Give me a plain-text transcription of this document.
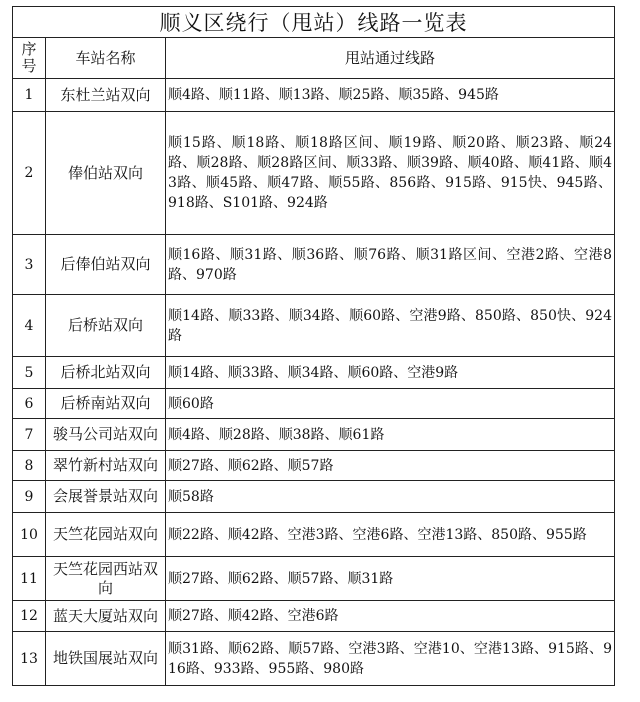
顺义区绕行（甩站）线路一览表		
序号	车站名称	甩站通过线路
1	东杜兰站双向	顺4路、顺11路、顺13路、顺25路、顺35路、945路
2	俸伯站双向	顺15路、顺18路、顺18路区间、顺19路、顺20路、顺23路、顺24路、顺28路、顺28路区间、顺33路、顺39路、顺40路、顺41路、顺43路、顺45路、顺47路、顺55路、856路、915路、915快、945路、918路、S101路、924路
3	后俸伯站双向	顺16路、顺31路、顺36路、顺76路、顺31路区间、空港2路、空港8路、970路
4	后桥站双向	顺14路、顺33路、顺34路、顺60路、空港9路、850路、850快、924路
5	后桥北站双向	顺14路、顺33路、顺34路、顺60路、空港9路
6	后桥南站双向	顺60路
7	骏马公司站双向	顺4路、顺28路、顺38路、顺61路
8	翠竹新村站双向	顺27路、顺62路、顺57路
9	会展誉景站双向	顺58路
10	天竺花园站双向	顺22路、顺42路、空港3路、空港6路、空港13路、850路、955路
11	天竺花园西站双向	顺27路、顺62路、顺57路、顺31路
12	蓝天大厦站双向	顺27路、顺42路、空港6路
13	地铁国展站双向	顺31路、顺62路、顺57路、空港3路、空港10、空港13路、915路、916路、933路、955路、980路
